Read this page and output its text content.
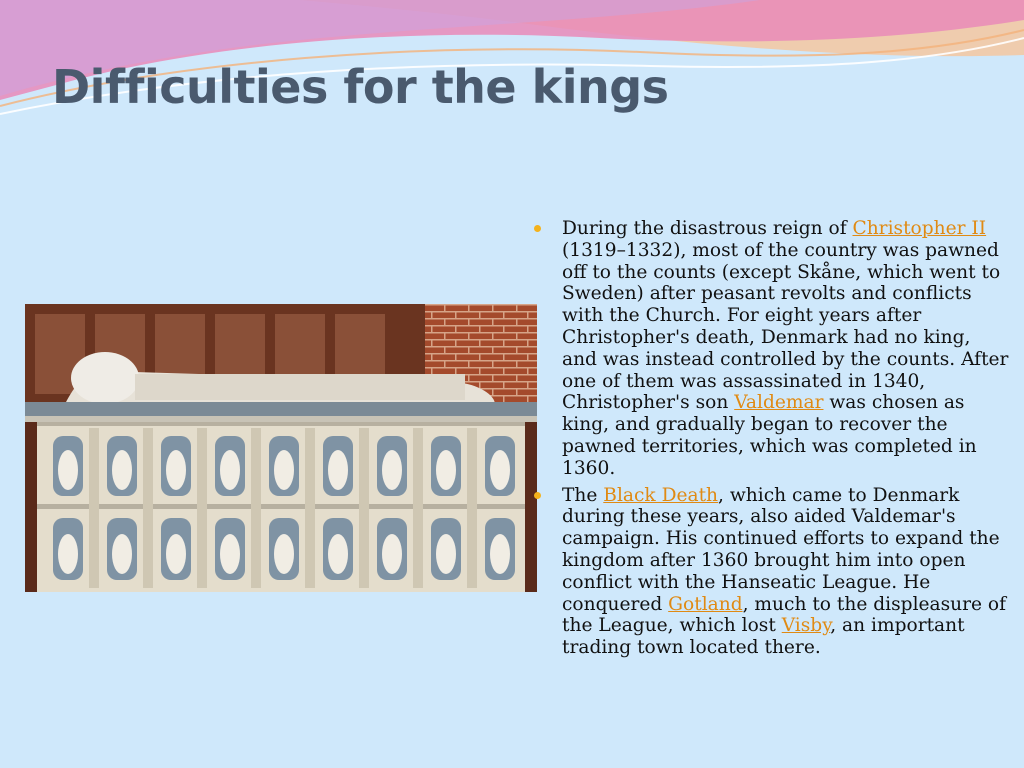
Difficulties for the kings
During the disastrous reign of Christopher II (1319–1332), most of the country was pawned off to the counts (except Skåne, which went to Sweden) after peasant revolts and conflicts with the Church. For eight years after Christopher's death, Denmark had no king, and was instead controlled by the counts. After one of them was assassinated in 1340, Christopher's son Valdemar was chosen as king, and gradually began to recover the pawned territories, which was completed in 1360.
The Black Death, which came to Denmark during these years, also aided Valdemar's campaign. His continued efforts to expand the kingdom after 1360 brought him into open conflict with the Hanseatic League. He conquered Gotland, much to the displeasure of the League, which lost Visby, an important trading town located there.
